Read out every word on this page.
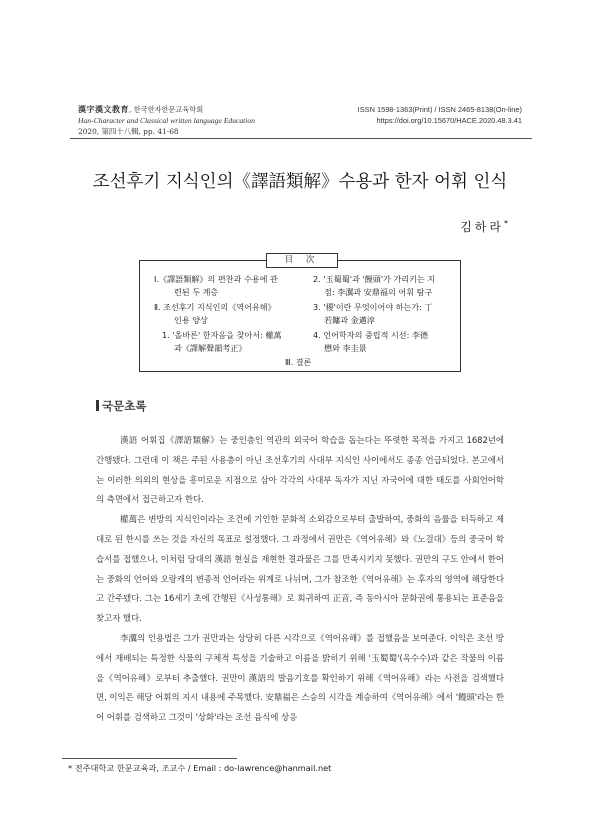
漢字漢文教育, 한국한자한문교육학회
Han-Character and Classical written language Education
2020, 第四十八輯, pp. 41-68
ISSN 1598-1363(Print) / ISSN 2465-8138(On-line)
https://doi.org/10.15670/HACE.2020.48.3.41
조선후기 지식인의《譯語類解》수용과 한자 어휘 인식
김하라*
目 次
Ⅰ.《譯語類解》의 편찬과 수용에 관
련된 두 계층
Ⅱ. 조선후기 지식인의《역어유해》
인용 양상
1. '올바른' 한자음을 찾아서: 權萬
과《譯解聲韻考正》
2. '玉蜀蜀'과 '饅頭'가 가리키는 지
점: 李瀷과 安鼎福의 어휘 탐구
3. '稷'이란 무엇이어야 하는가: 丁
若鏞과 金邁淳
4. 언어학자의 중립적 시선: 李德
懋와 李圭景
Ⅲ. 결론
국문초록

漢語 어휘집《譯語類解》는 중인층인 역관의 외국어 학습을 돕는다는 뚜렷한 목적을 가지고 1682년에 간행됐다. 그런데 이 책은 주된 사용층이 아닌 조선후기의 사대부 지식인 사이에서도 종종 언급되었다. 본고에서는 이러한 의외의 현상을 흥미로운 지점으로 삼아 각각의 사대부 독자가 지닌 자국어에 대한 태도를 사회언어학의 측면에서 접근하고자 한다.

權萬은 변방의 지식인이라는 조건에 기인한 문화적 소외감으로부터 출발하여, 중화의 음률을 터득하고 제대로 된 한시를 쓰는 것을 자신의 목표로 설정했다. 그 과정에서 권만은《역어유해》와《노걸대》등의 중국어 학습서를 접했으나, 이처럼 당대의 漢語 현실을 재현한 결과물은 그를 만족시키지 못했다. 권만의 구도 안에서 한어는 중화의 언어와 오랑캐의 변종적 언어라는 위계로 나뉘며, 그가 참조한《역어유해》는 후자의 영역에 해당한다고 간주됐다. 그는 16세기 초에 간행된《사성통해》로 회귀하여 正音, 즉 동아시아 문화권에 통용되는 표준음을 찾고자 했다.

李瀷의 인용법은 그가 권만과는 상당히 다른 시각으로《역어유해》를 접했음을 보여준다. 이익은 조선 땅에서 재배되는 특정한 식물의 구체적 특성을 기술하고 이름을 밝히기 위해 '玉蜀蜀'(옥수수)과 같은 작물의 이름을《역어유해》로부터 추출했다. 권만이 漢語의 발음기호를 확인하기 위해《역어유해》라는 사전을 검색했다면, 이익은 해당 어휘의 지시 내용에 주목했다. 安鼎福은 스승의 시각을 계승하여《역어유해》에서 '饅頭'라는 한어 어휘를 검색하고 그것이 '상화'라는 조선 음식에 상응

* 전주대학교 한문교육과, 조교수 / Email : do-lawrence@hanmail.net
